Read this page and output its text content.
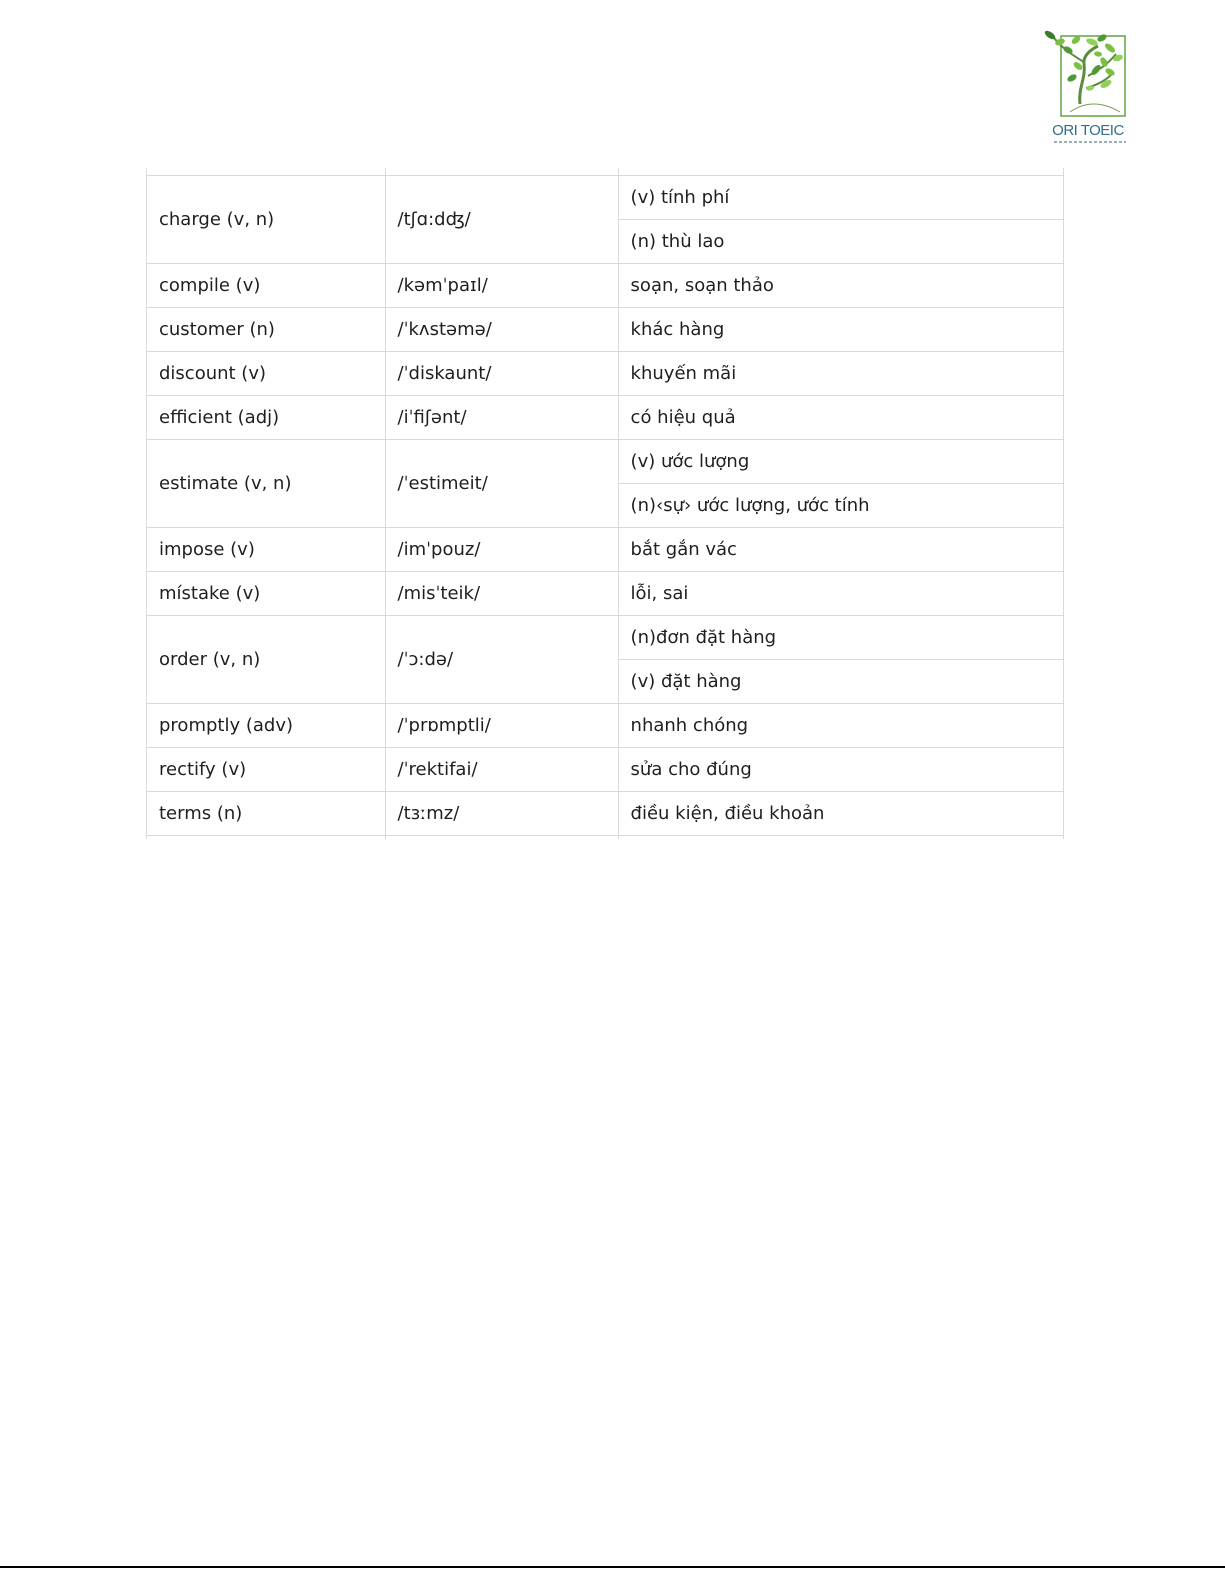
ORI TOEIC

charge (v, n)	/tʃɑ:dʤ/	(v) tính phí
		(n) thù lao
compile (v)	/kəmˈpaɪl/	soạn, soạn thảo
customer (n)	/ˈkʌstəmə/	khác hàng
discount (v)	/ˈdiskaunt/	khuyến mãi
efficient (adj)	/iˈfiʃənt/	có hiệu quả
estimate (v, n)	/ˈestimeit/	(v) ước lượng
		(n)‹sự› ước lượng, ước tính
impose (v)	/imˈpouz/	bắt gắn vác
místake (v)	/misˈteik/	lỗi, sai
order (v, n)	/ˈɔ:də/	(n)đơn đặt hàng
		(v) đặt hàng
promptly (adv)	/ˈprɒmptli/	nhanh chóng
rectify (v)	/ˈrektifai/	sửa cho đúng
terms (n)	/tɜːmz/	điều kiện, điều khoản
